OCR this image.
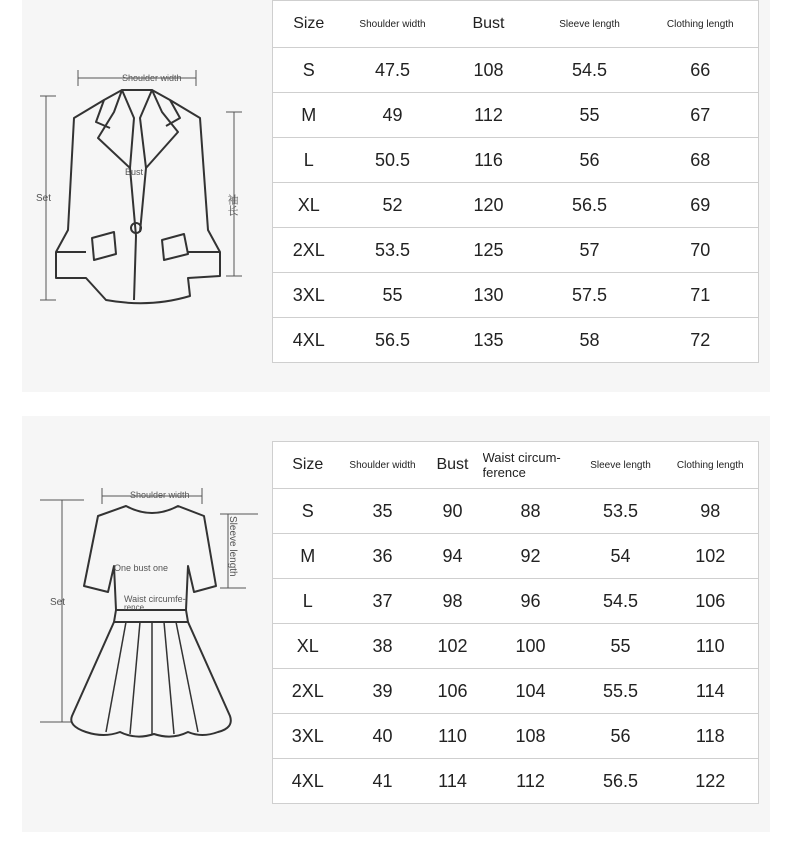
Shoulder width
Bust
Set	袖长
Size	Shoulder width	Bust	Sleeve length	Clothing length
S	47.5	108	54.5	66
M	49	112	55	67
L	50.5	116	56	68
XL	52	120	56.5	69
2XL	53.5	125	57	70
3XL	55	130	57.5	71
4XL	56.5	135	58	72
Shoulder width
One bust one
Waist circumfe-
rence
Set
Sleeve length
Size	Shoulder width	Bust	Waist circum-ference	Sleeve length	Clothing length
S	35	90	88	53.5	98
M	36	94	92	54	102
L	37	98	96	54.5	106
XL	38	102	100	55	110
2XL	39	106	104	55.5	114
3XL	40	110	108	56	118
4XL	41	114	112	56.5	122
